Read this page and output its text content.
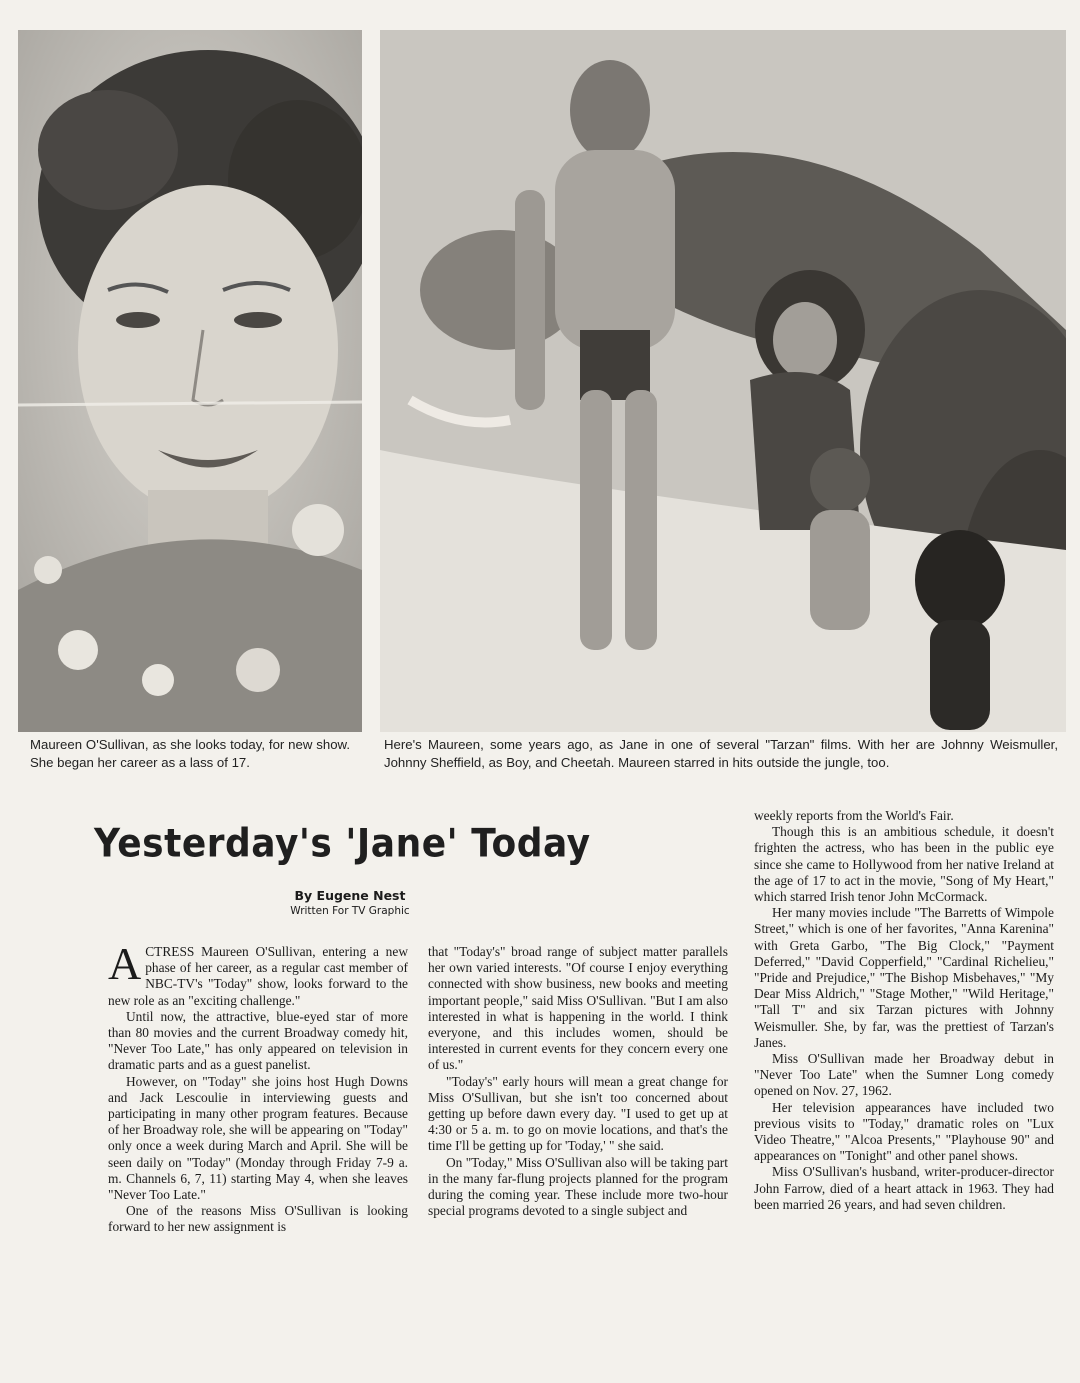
Maureen O'Sullivan, as she looks today, for new show. She began her career as a lass of 17.
Here's Maureen, some years ago, as Jane in one of several "Tarzan" films. With her are Johnny Weismuller, Johnny Sheffield, as Boy, and Cheetah. Maureen starred in hits outside the jungle, too.
Yesterday's 'Jane' Today
By Eugene Nest
Written For TV Graphic

ACTRESS Maureen O'Sullivan, entering a new phase of her career, as a regular cast member of NBC-TV's "Today" show, looks forward to the new role as an "exciting challenge."

Until now, the attractive, blue-eyed star of more than 80 movies and the current Broadway comedy hit, "Never Too Late," has only appeared on television in dramatic parts and as a guest panelist.

However, on "Today" she joins host Hugh Downs and Jack Lescoulie in interviewing guests and participating in many other program features. Because of her Broadway role, she will be appearing on "Today" only once a week during March and April. She will be seen daily on "Today" (Monday through Friday 7-9 a. m. Channels 6, 7, 11) starting May 4, when she leaves "Never Too Late."

One of the reasons Miss O'Sullivan is looking forward to her new assignment is

that "Today's" broad range of subject matter parallels her own varied interests. "Of course I enjoy everything connected with show business, new books and meeting important people," said Miss O'Sullivan. "But I am also interested in what is happening in the world. I think everyone, and this includes women, should be interested in current events for they concern every one of us."

"Today's" early hours will mean a great change for Miss O'Sullivan, but she isn't too concerned about getting up before dawn every day. "I used to get up at 4:30 or 5 a. m. to go on movie locations, and that's the time I'll be getting up for 'Today,' " she said.

On "Today," Miss O'Sullivan also will be taking part in the many far-flung projects planned for the program during the coming year. These include more two-hour special programs devoted to a single subject and

weekly reports from the World's Fair.

Though this is an ambitious schedule, it doesn't frighten the actress, who has been in the public eye since she came to Hollywood from her native Ireland at the age of 17 to act in the movie, "Song of My Heart," which starred Irish tenor John McCormack.

Her many movies include "The Barretts of Wimpole Street," which is one of her favorites, "Anna Karenina" with Greta Garbo, "The Big Clock," "Payment Deferred," "David Copperfield," "Cardinal Richelieu," "Pride and Prejudice," "The Bishop Misbehaves," "My Dear Miss Aldrich," "Stage Mother," "Wild Heritage," "Tall T" and six Tarzan pictures with Johnny Weismuller. She, by far, was the prettiest of Tarzan's Janes.

Miss O'Sullivan made her Broadway debut in "Never Too Late" when the Sumner Long comedy opened on Nov. 27, 1962.

Her television appearances have included two previous visits to "Today," dramatic roles on "Lux Video Theatre," "Alcoa Presents," "Playhouse 90" and appearances on "Tonight" and other panel shows.

Miss O'Sullivan's husband, writer-producer-director John Farrow, died of a heart attack in 1963. They had been married 26 years, and had seven children.
